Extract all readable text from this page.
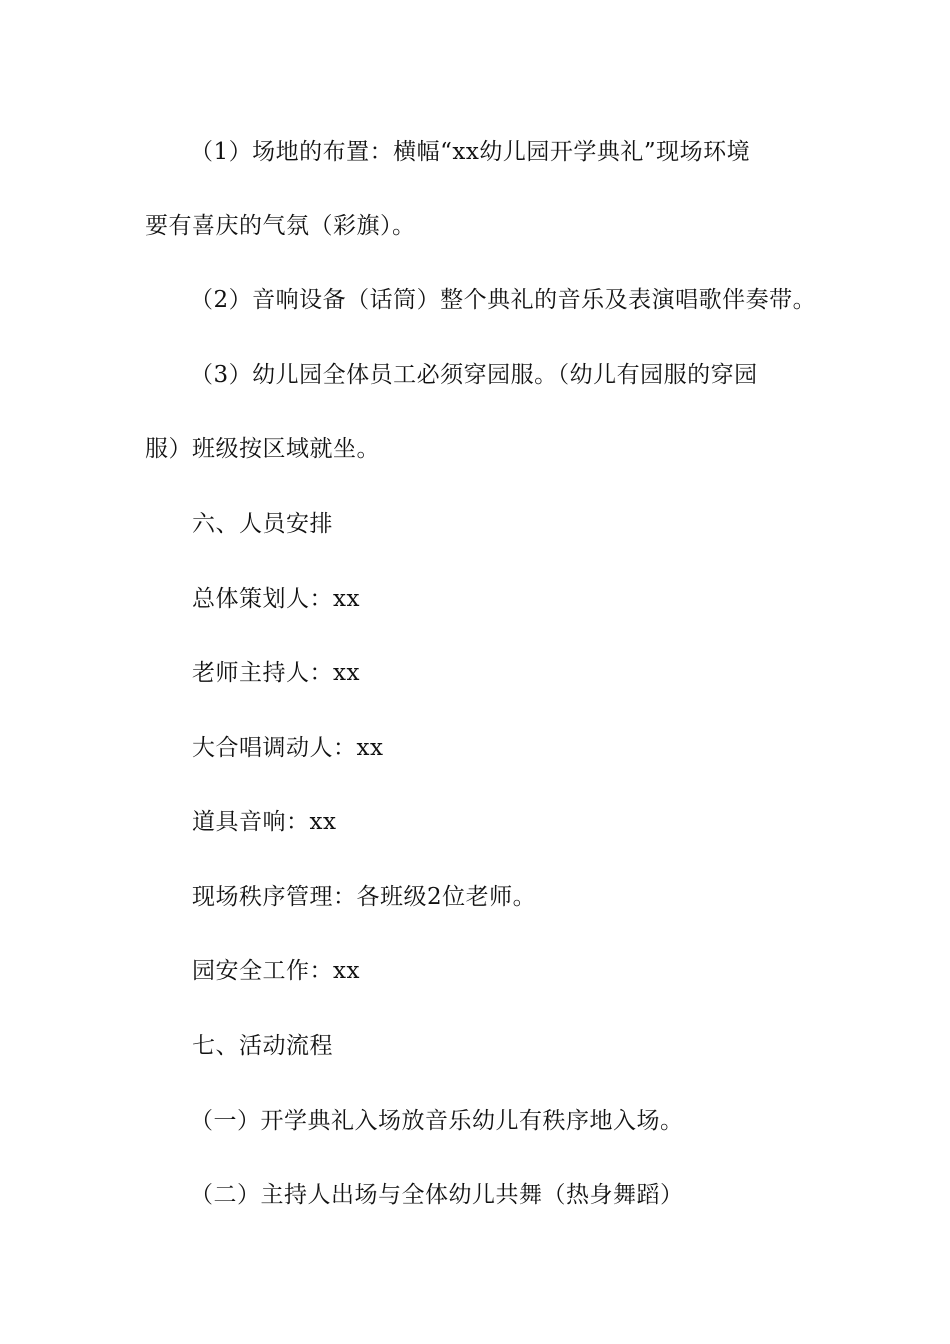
（1）场地的布置：横幅“xx幼儿园开学典礼”现场环境
要有喜庆的气氛（彩旗）。
（2）音响设备（话筒）整个典礼的音乐及表演唱歌伴奏带。
（3）幼儿园全体员工必须穿园服。（幼儿有园服的穿园
服）班级按区域就坐。
六、人员安排
总体策划人：xx
老师主持人：xx
大合唱调动人：xx
道具音响：xx
现场秩序管理：各班级2位老师。
园安全工作：xx
七、活动流程
（一）开学典礼入场放音乐幼儿有秩序地入场。
（二）主持人出场与全体幼儿共舞（热身舞蹈）
